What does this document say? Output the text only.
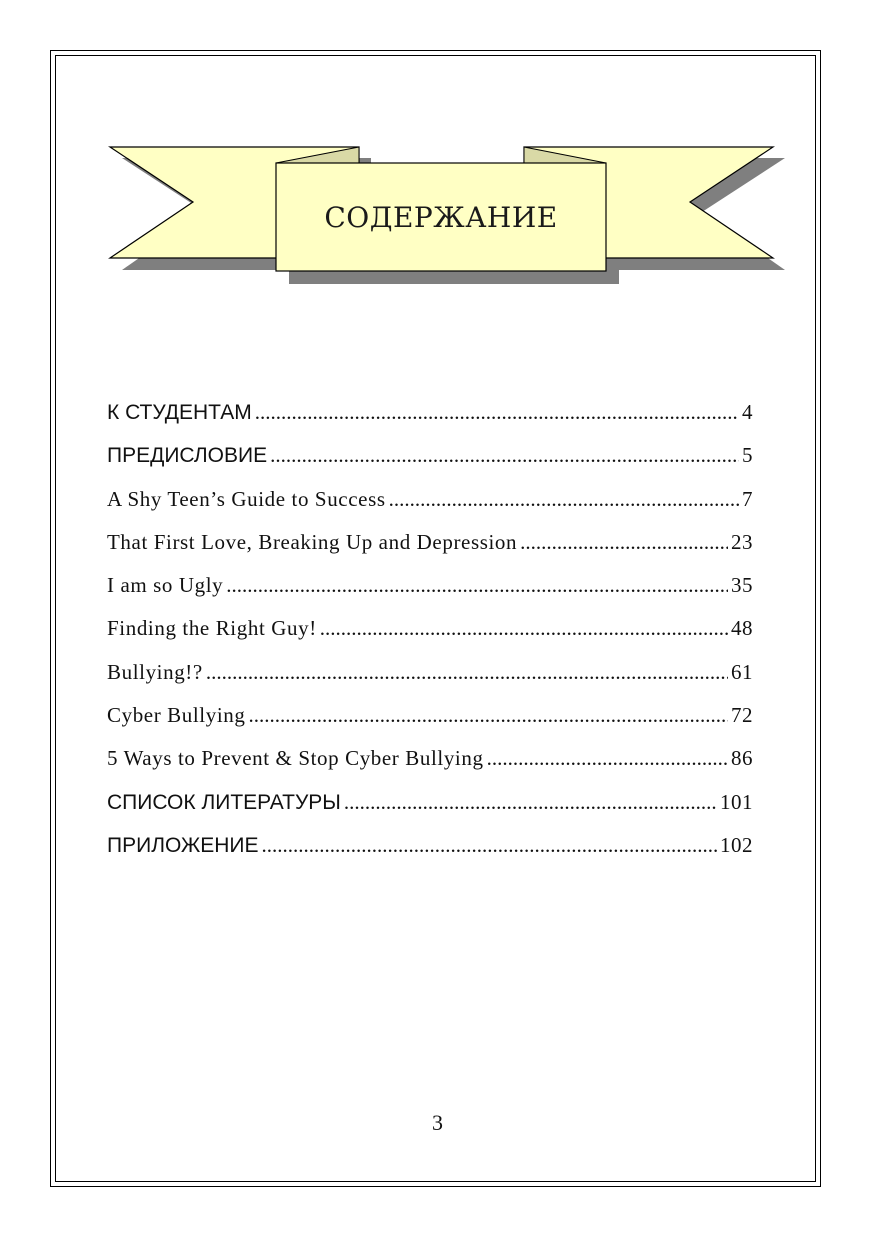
СОДЕРЖАНИЕ
К СТУДЕНТАМ .....	4
ПРЕДИСЛОВИЕ .....	5
A Shy Teen’s Guide to Success .....	7
That First Love, Breaking Up and Depression .....	23
I am so Ugly .....	35
Finding the Right Guy! .....	48
Bullying!? .....	61
Cyber Bullying .....	72
5 Ways to Prevent & Stop Cyber Bullying .....	86
СПИСОК ЛИТЕРАТУРЫ .....	101
ПРИЛОЖЕНИЕ .....	102
3
